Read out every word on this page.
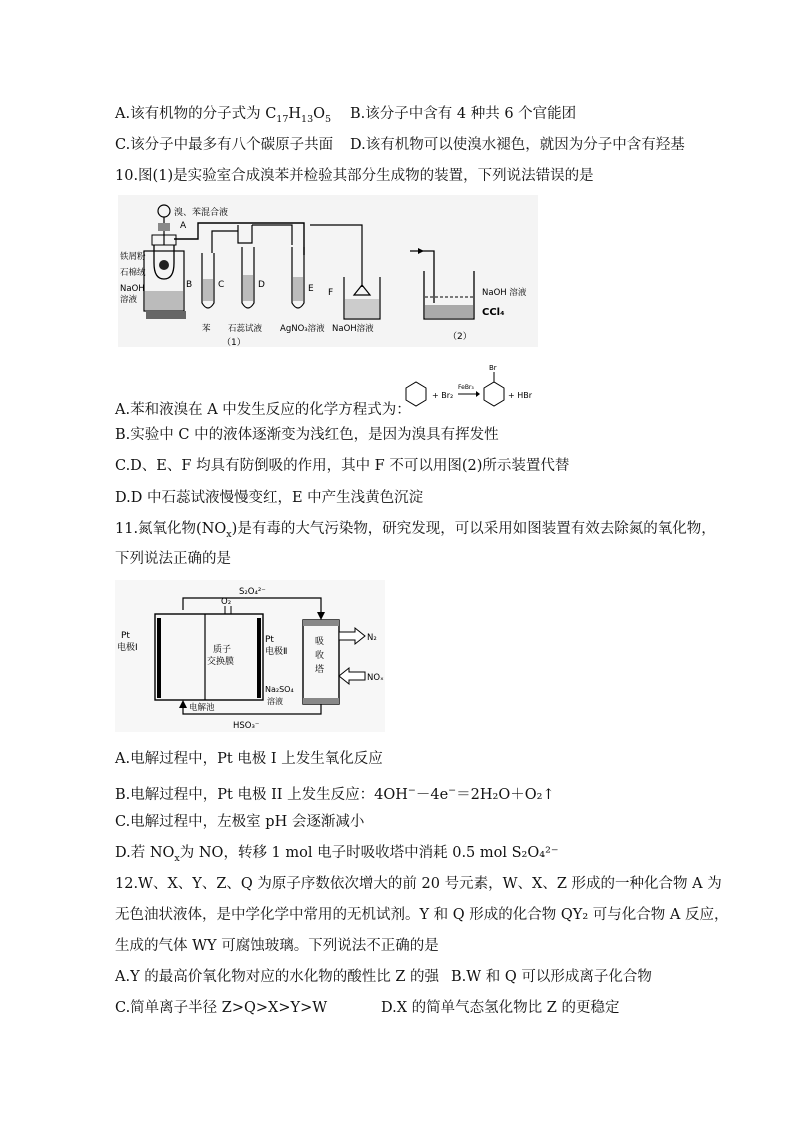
A.该有机物的分子式为 $C_{17}H_{13}O_5$ B.该分子中含有 4 种共 6 个官能团
C.该分子中最多有八个碳原子共面 D.该有机物可以使溴水褪色，就因为分子中含有羟基
10.图(1)是实验室合成溴苯并检验其部分生成物的装置，下列说法错误的是
溴、苯混合液
A
B
铁屑粉
石棉绒
NaOH
溶液
C	D	E F
苯 石蕊试液 AgNO₃溶液 NaOH溶液
（1）
NaOH 溶液
CCl₄
（2）
A.苯和液溴在 A 中发生反应的化学方程式为：
+ Br₂
FeBr₃
Br
+ HBr
B.实验中 C 中的液体逐渐变为浅红色，是因为溴具有挥发性
C.D、E、F 均具有防倒吸的作用，其中 F 不可以用图(2)所示装置代替
D.D 中石蕊试液慢慢变红，E 中产生浅黄色沉淀
11.氮氧化物$(NO_x)$是有毒的大气污染物，研究发现，可以采用如图装置有效去除氮的氧化物，
下列说法正确的是
S₂O₄²⁻
O₂
Pt
电极Ⅰ	质子
交换膜
Pt
电极Ⅱ
Na₂SO₄
溶液
吸
收
塔
N₂
NOₓ
电解池
HSO₃⁻
A.电解过程中，Pt 电极 I 上发生氧化反应
B.电解过程中，Pt 电极 II 上发生反应：4OH−－4e−＝2H₂O＋O₂↑
C.电解过程中，左极室 pH 会逐渐减小
D.若 $NO_x$为 NO，转移 1 mol 电子时吸收塔中消耗 0.5 mol S₂O₄²⁻
12.W、X、Y、Z、Q 为原子序数依次增大的前 20 号元素，W、X、Z 形成的一种化合物 A 为
无色油状液体，是中学化学中常用的无机试剂。Y 和 Q 形成的化合物 QY₂ 可与化合物 A 反应，
生成的气体 WY 可腐蚀玻璃。下列说法不正确的是
A.Y 的最高价氧化物对应的水化物的酸性比 Z 的强 B.W 和 Q 可以形成离子化合物
C.简单离子半径 Z>Q>X>Y>W	D.X 的简单气态氢化物比 Z 的更稳定
